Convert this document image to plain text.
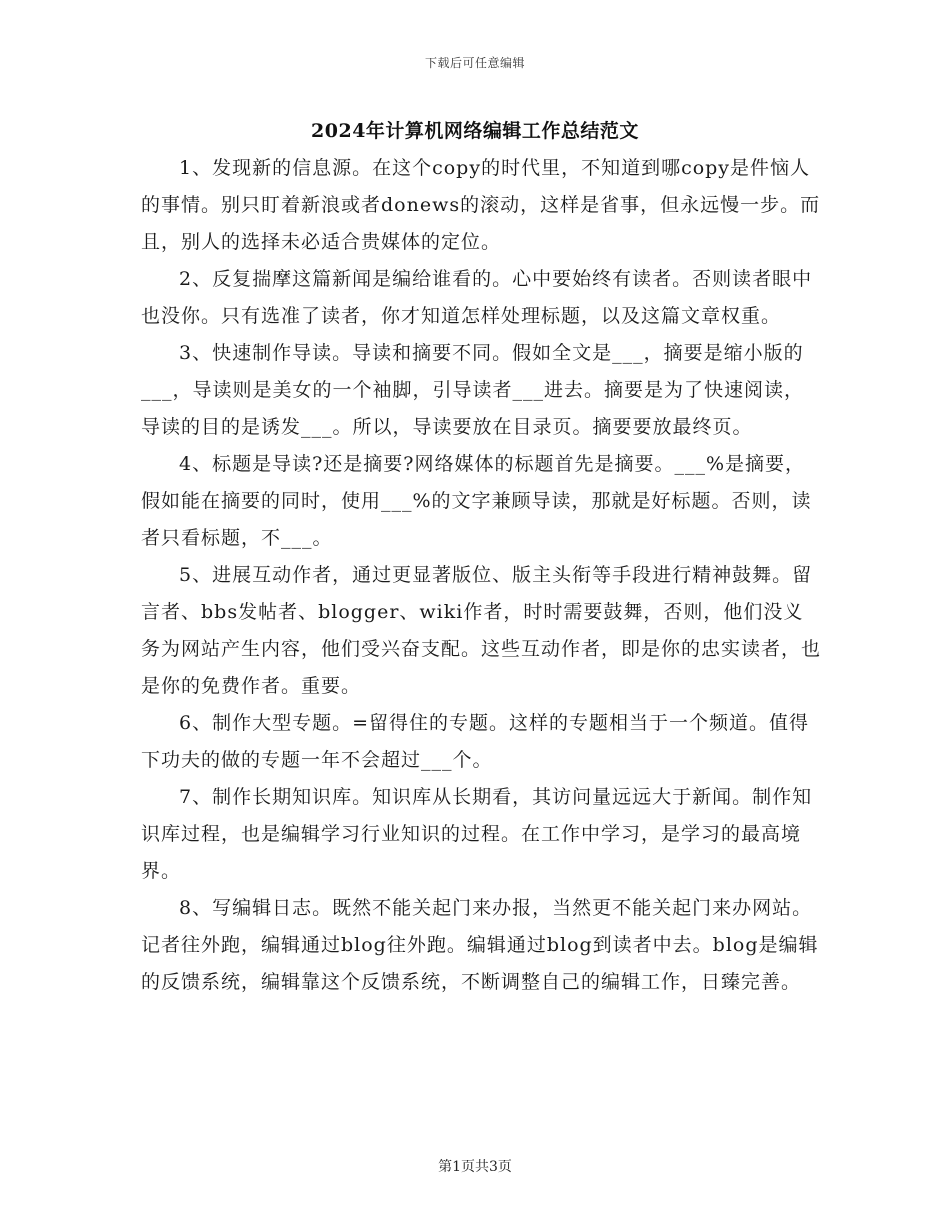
下载后可任意编辑
2024年计算机网络编辑工作总结范文

1、发现新的信息源。在这个copy的时代里，不知道到哪copy是件恼人的事情。别只盯着新浪或者donews的滚动，这样是省事，但永远慢一步。而且，别人的选择未必适合贵媒体的定位。

2、反复揣摩这篇新闻是编给谁看的。心中要始终有读者。否则读者眼中也没你。只有选准了读者，你才知道怎样处理标题，以及这篇文章权重。

3、快速制作导读。导读和摘要不同。假如全文是___，摘要是缩小版的___，导读则是美女的一个袖脚，引导读者___进去。摘要是为了快速阅读，导读的目的是诱发___。所以，导读要放在目录页。摘要要放最终页。

4、标题是导读?还是摘要?网络媒体的标题首先是摘要。___%是摘要，假如能在摘要的同时，使用___%的文字兼顾导读，那就是好标题。否则，读者只看标题，不___。

5、进展互动作者，通过更显著版位、版主头衔等手段进行精神鼓舞。留言者、bbs发帖者、blogger、wiki作者，时时需要鼓舞，否则，他们没义务为网站产生内容，他们受兴奋支配。这些互动作者，即是你的忠实读者，也是你的免费作者。重要。

6、制作大型专题。=留得住的专题。这样的专题相当于一个频道。值得下功夫的做的专题一年不会超过___个。

7、制作长期知识库。知识库从长期看，其访问量远远大于新闻。制作知识库过程，也是编辑学习行业知识的过程。在工作中学习，是学习的最高境界。

8、写编辑日志。既然不能关起门来办报，当然更不能关起门来办网站。记者往外跑，编辑通过blog往外跑。编辑通过blog到读者中去。blog是编辑的反馈系统，编辑靠这个反馈系统，不断调整自己的编辑工作，日臻完善。

第1页共3页
